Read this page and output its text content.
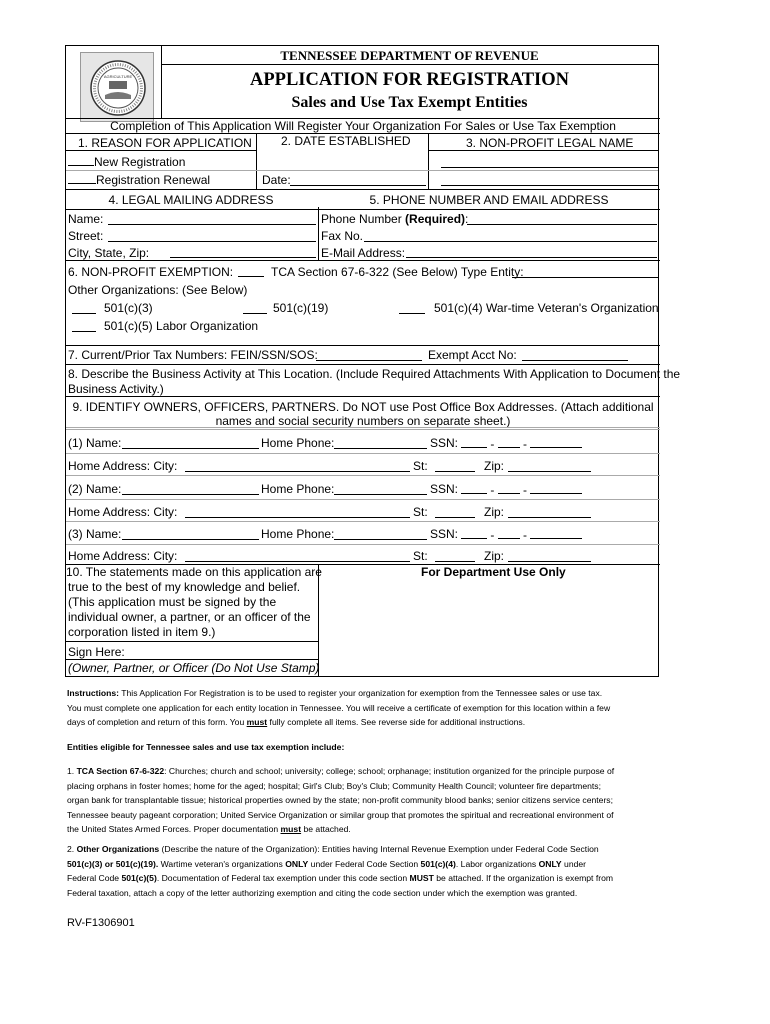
AGRICULTURE
TENNESSEE DEPARTMENT OF REVENUE
APPLICATION FOR REGISTRATION
Sales and Use Tax Exempt Entities
Completion of This Application Will Register Your Organization For Sales or Use Tax Exemption
1. REASON FOR APPLICATION 2. DATE ESTABLISHED	3. NON-PROFIT LEGAL NAME
New Registration
Registration Renewal	Date:
4. LEGAL MAILING ADDRESS	5. PHONE NUMBER AND EMAIL ADDRESS
Name:	Phone Number (Required):
Street:	Fax No.
City, State, Zip:	E-Mail Address:
6. NON-PROFIT EXEMPTION:	TCA Section 67-6-322 (See Below) Type Entity:
Other Organizations: (See Below)
501(c)(3)	501(c)(19)	501(c)(4) War-time Veteran's Organization
501(c)(5) Labor Organization
7. Current/Prior Tax Numbers: FEIN/SSN/SOS:	Exempt Acct No:
8. Describe the Business Activity at This Location. (Include Required Attachments With Application to Document the
Business Activity.)
9. IDENTIFY OWNERS, OFFICERS, PARTNERS. Do NOT use Post Office Box Addresses. (Attach additional
names and social security numbers on separate sheet.)
(1) Name:	Home Phone:	SSN:	-  -
Home Address: City:	St:	Zip:
(2) Name:	Home Phone:	SSN:	-  -
Home Address: City:	St:	Zip:
(3) Name:	Home Phone:	SSN:	-  -
Home Address: City:	St:	Zip:
10. The statements made on this application are
true to the best of my knowledge and belief.
(This application must be signed by the
individual owner, a partner, or an officer of the
corporation listed in item 9.)
Sign Here:
(Owner, Partner, or Officer (Do Not Use Stamp)
For Department Use Only

Instructions: This Application For Registration is to be used to register your organization for exemption from the Tennessee sales or use tax.

You must complete one application for each entity location in Tennessee. You will receive a certificate of exemption for this location within a few

days of completion and return of this form. You must fully complete all items. See reverse side for additional instructions.

Entities eligible for Tennessee sales and use tax exemption include:

1. TCA Section 67-6-322: Churches; church and school; university; college; school; orphanage; institution organized for the principle purpose of

placing orphans in foster homes; home for the aged; hospital; Girl's Club; Boy's Club; Community Health Council; volunteer fire departments;

organ bank for transplantable tissue; historical properties owned by the state; non-profit community blood banks; senior citizens service centers;

Tennessee beauty pageant corporation; United Service Organization or similar group that promotes the spiritual and recreational environment of

the United States Armed Forces. Proper documentation must be attached.

2. Other Organizations (Describe the nature of the Organization): Entities having Internal Revenue Exemption under Federal Code Section

501(c)(3) or 501(c)(19). Wartime veteran's organizations ONLY under Federal Code Section 501(c)(4). Labor organizations ONLY under

Federal Code 501(c)(5). Documentation of Federal tax exemption under this code section MUST be attached. If the organization is exempt from

Federal taxation, attach a copy of the letter authorizing exemption and citing the code section under which the exemption was granted.

RV-F1306901
